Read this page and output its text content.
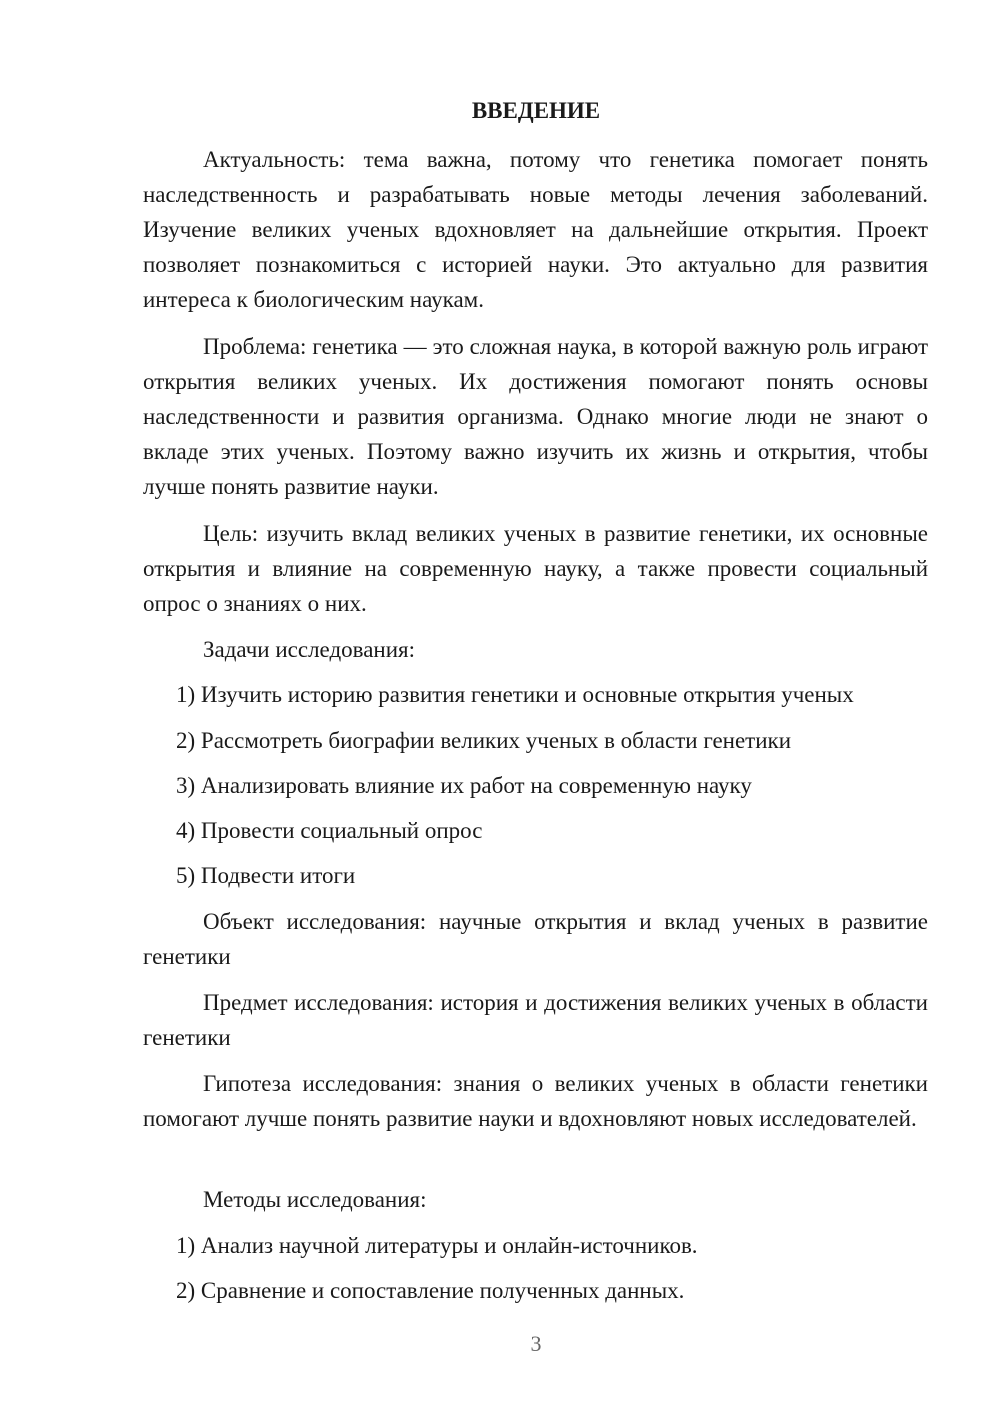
ВВЕДЕНИЕ

Актуальность: тема важна, потому что генетика помогает понять наследственность и разрабатывать новые методы лечения заболеваний. Изучение великих ученых вдохновляет на дальнейшие открытия. Проект позволяет познакомиться с историей науки. Это актуально для развития интереса к биологическим наукам.

Проблема: генетика — это сложная наука, в которой важную роль играют открытия великих ученых. Их достижения помогают понять основы наследственности и развития организма. Однако многие люди не знают о вкладе этих ученых. Поэтому важно изучить их жизнь и открытия, чтобы лучше понять развитие науки.

Цель: изучить вклад великих ученых в развитие генетики, их основные открытия и влияние на современную науку, а также провести социальный опрос о знаниях о них.

Задачи исследования:

1) Изучить историю развития генетики и основные открытия ученых

2) Рассмотреть биографии великих ученых в области генетики

3) Анализировать влияние их работ на современную науку

4) Провести социальный опрос

5) Подвести итоги

Объект исследования: научные открытия и вклад ученых в развитие генетики

Предмет исследования: история и достижения великих ученых в области генетики

Гипотеза исследования: знания о великих ученых в области генетики помогают лучше понять развитие науки и вдохновляют новых исследователей.

Методы исследования:

1) Анализ научной литературы и онлайн-источников.

2) Сравнение и сопоставление полученных данных.

3
